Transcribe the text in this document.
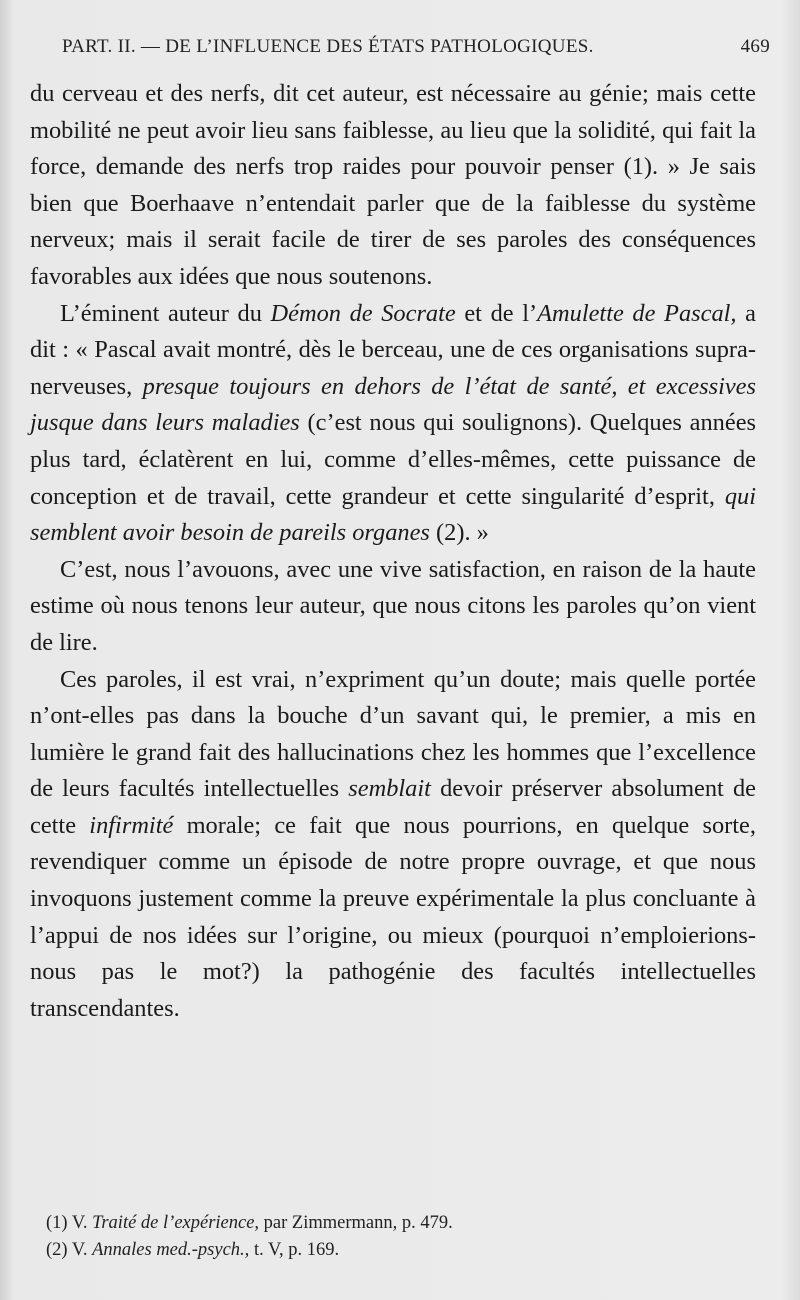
PART. II. — DE L’INFLUENCE DES ÉTATS PATHOLOGIQUES.	469

du cerveau et des nerfs, dit cet auteur, est nécessaire au génie; mais cette mobilité ne peut avoir lieu sans faiblesse, au lieu que la solidité, qui fait la force, demande des nerfs trop raides pour pouvoir penser (1). » Je sais bien que Boerhaave n’entendait parler que de la faiblesse du système nerveux; mais il serait facile de tirer de ses paroles des conséquences favorables aux idées que nous soutenons.

L’éminent auteur du Démon de Socrate et de l’Amulette de Pascal, a dit : « Pascal avait montré, dès le berceau, une de ces organisations supra-nerveuses, presque toujours en dehors de l’état de santé, et excessives jusque dans leurs maladies (c’est nous qui soulignons). Quelques années plus tard, éclatèrent en lui, comme d’elles-mêmes, cette puissance de conception et de travail, cette grandeur et cette singularité d’esprit, qui semblent avoir besoin de pareils organes (2). »

C’est, nous l’avouons, avec une vive satisfaction, en raison de la haute estime où nous tenons leur auteur, que nous citons les paroles qu’on vient de lire.

Ces paroles, il est vrai, n’expriment qu’un doute; mais quelle portée n’ont-elles pas dans la bouche d’un savant qui, le premier, a mis en lumière le grand fait des hallucinations chez les hommes que l’excellence de leurs facultés intellectuelles semblait devoir préserver absolument de cette infirmité morale; ce fait que nous pourrions, en quelque sorte, revendiquer comme un épisode de notre propre ouvrage, et que nous invoquons justement comme la preuve expérimentale la plus concluante à l’appui de nos idées sur l’origine, ou mieux (pourquoi n’emploierions-nous pas le mot?) la pathogénie des facultés intellectuelles transcendantes.

(1) V. Traité de l’expérience, par Zimmermann, p. 479.

(2) V. Annales med.-psych., t. V, p. 169.
